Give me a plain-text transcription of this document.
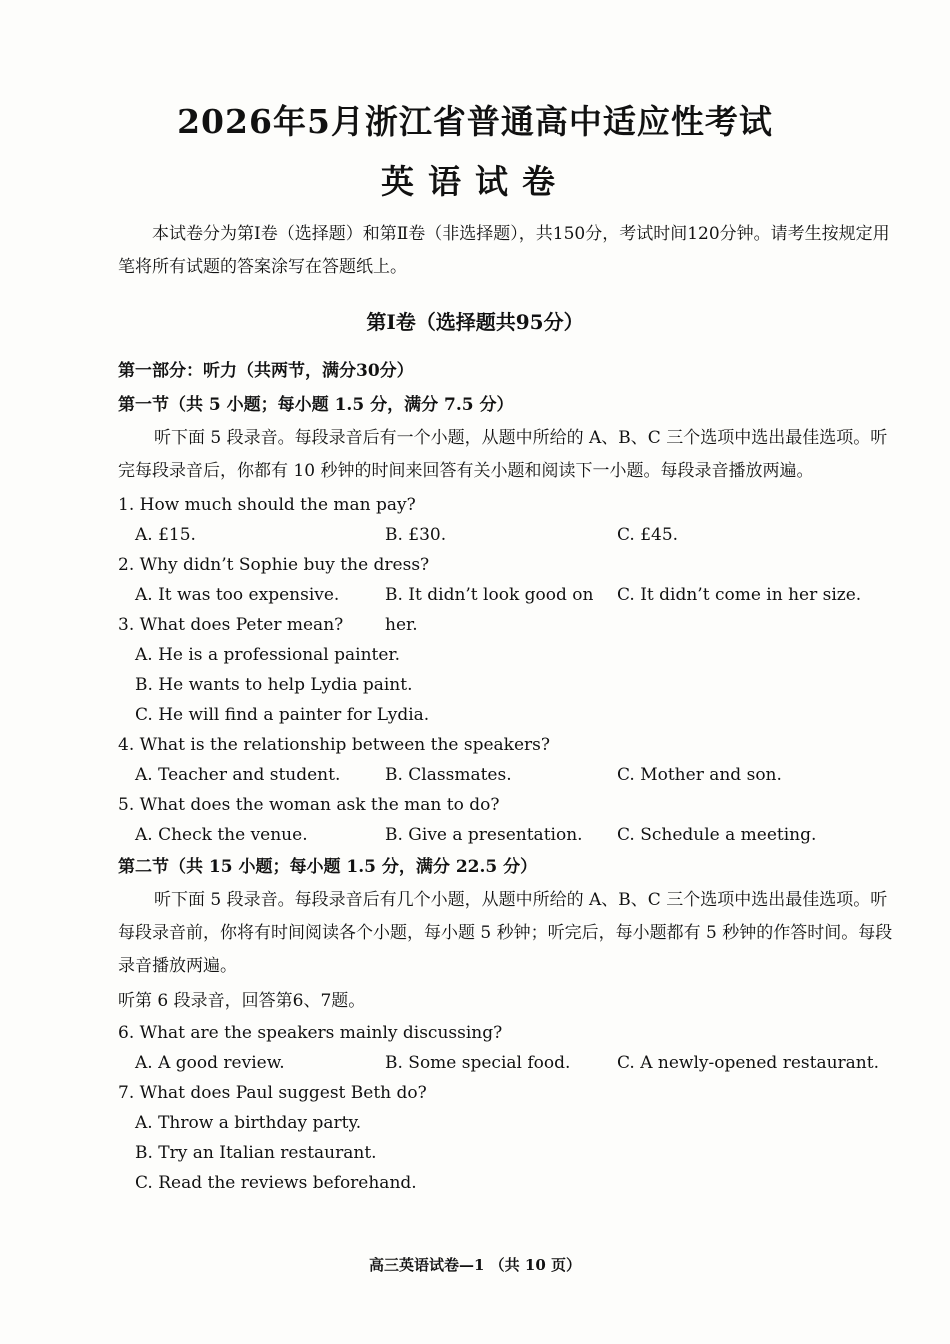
2026年5月浙江省普通高中适应性考试
英语试卷
本试卷分为第Ⅰ卷（选择题）和第Ⅱ卷（非选择题），共150分，考试时间120分钟。请考生按规定用笔将所有试题的答案涂写在答题纸上。
第Ⅰ卷（选择题共95分）
第一部分：听力（共两节，满分30分）
第一节（共 5 小题；每小题 1.5 分，满分 7.5 分）
听下面 5 段录音。每段录音后有一个小题，从题中所给的 A、B、C 三个选项中选出最佳选项。听完每段录音后，你都有 10 秒钟的时间来回答有关小题和阅读下一小题。每段录音播放两遍。
1. How much should the man pay?
A. £15.	B. £30.	C. £45.
2. Why didn’t Sophie buy the dress?
A. It was too expensive.	B. It didn’t look good on her.
C. It didn’t come in her size.
3. What does Peter mean?
A. He is a professional painter.
B. He wants to help Lydia paint.
C. He will find a painter for Lydia.
4. What is the relationship between the speakers?
A. Teacher and student.	B. Classmates.	C. Mother and son.
5. What does the woman ask the man to do?
A. Check the venue.	B. Give a presentation.	C. Schedule a meeting.
第二节（共 15 小题；每小题 1.5 分，满分 22.5 分）
听下面 5 段录音。每段录音后有几个小题，从题中所给的 A、B、C 三个选项中选出最佳选项。听每段录音前，你将有时间阅读各个小题，每小题 5 秒钟；听完后，每小题都有 5 秒钟的作答时间。每段录音播放两遍。
听第 6 段录音，回答第6、7题。
6. What are the speakers mainly discussing?
A. A good review.	B. Some special food.	C. A newly-opened restaurant.
7. What does Paul suggest Beth do?
A. Throw a birthday party.
B. Try an Italian restaurant.
C. Read the reviews beforehand.
高三英语试卷—1 （共 10 页）
